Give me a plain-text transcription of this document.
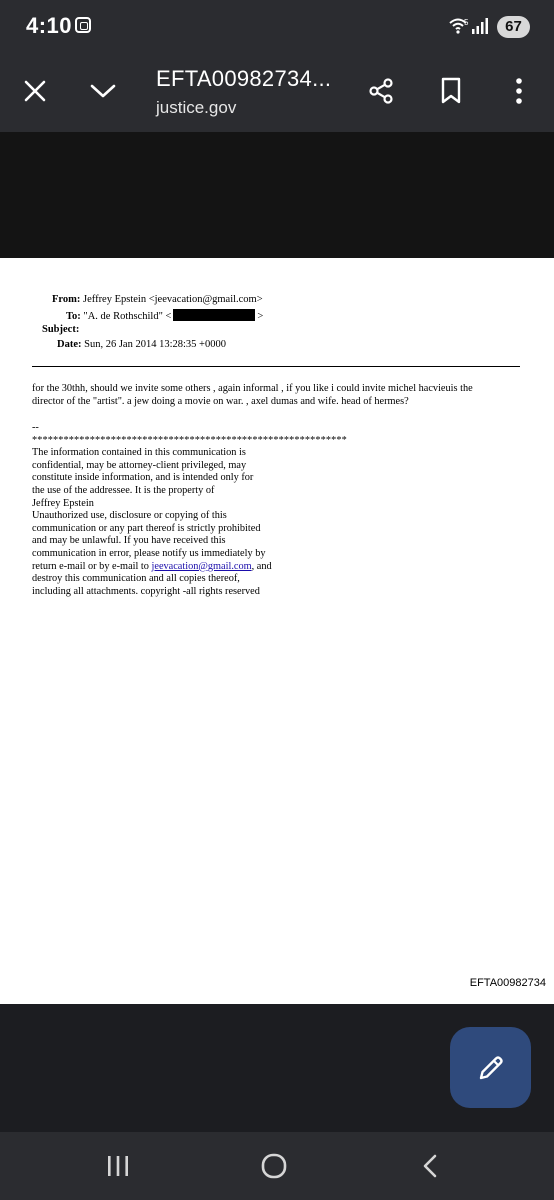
4:10	5	67
EFTA00982734...
justice.gov
From: Jeffrey Epstein <jeevacation@gmail.com>
To: "A. de Rothschild" <	>
Subject:
Date: Sun, 26 Jan 2014 13:28:35 +0000
for the 30thh, should we invite some others , again informal , if you like i could invite michel hacvieuis the
director of the "artist". a jew doing a movie on war. , axel dumas and wife. head of hermes?
--
************************************************************
The information contained in this communication is
confidential, may be attorney-client privileged, may
constitute inside information, and is intended only for
the use of the addressee. It is the property of
Jeffrey Epstein
Unauthorized use, disclosure or copying of this
communication or any part thereof is strictly prohibited
and may be unlawful. If you have received this
communication in error, please notify us immediately by
return e-mail or by e-mail to jeevacation@gmail.com, and
destroy this communication and all copies thereof,
including all attachments. copyright -all rights reserved
EFTA00982734
